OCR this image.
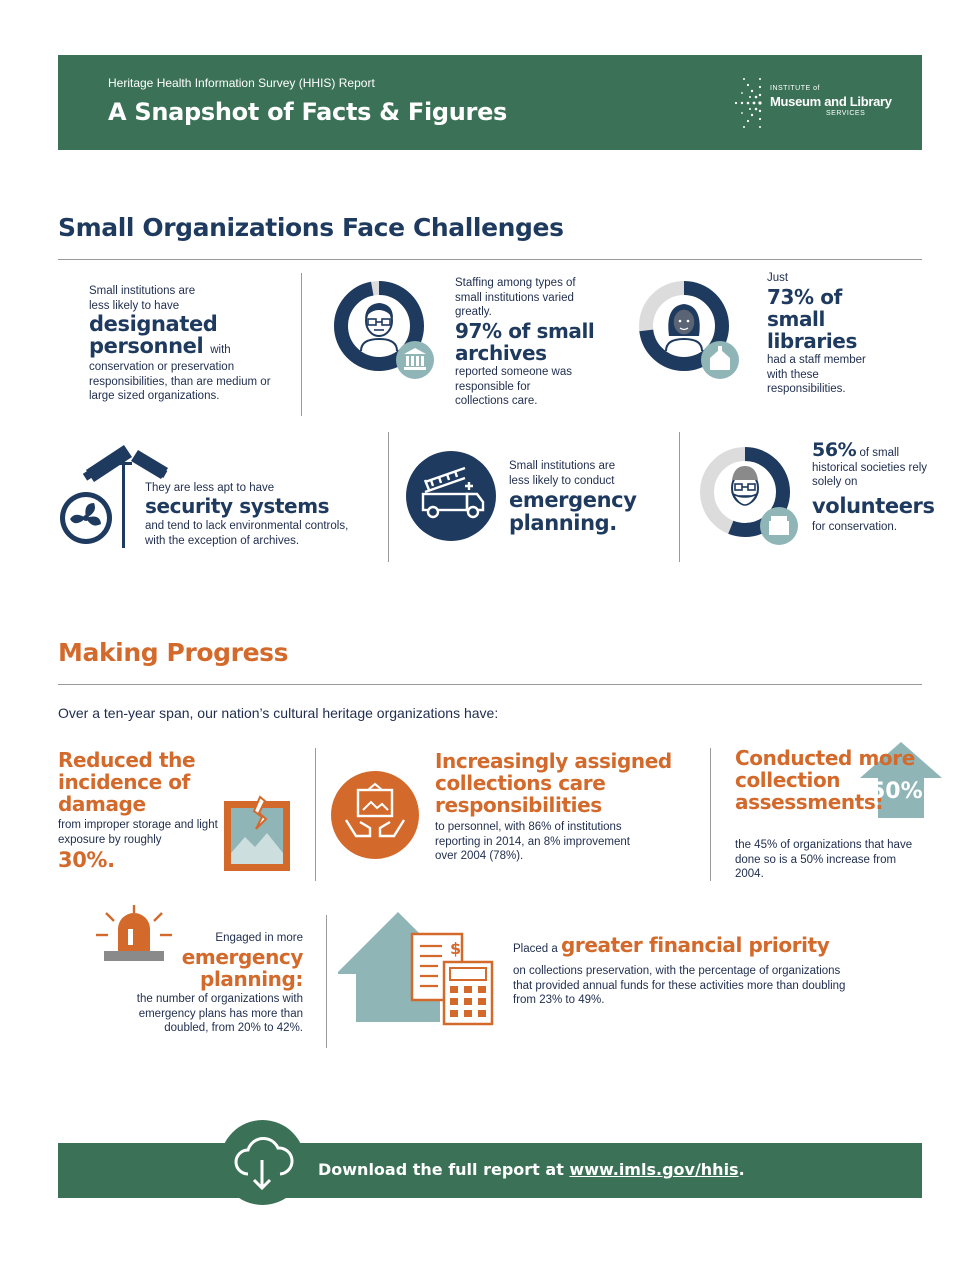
Heritage Health Information Survey (HHIS) Report
A Snapshot of Facts & Figures
INSTITUTE of
Museum and Library
SERVICES
Small Organizations Face Challenges
Small institutions are less likely to have
designated personnel with
conservation or preservation responsibilities, than are medium or large sized organizations.
Staffing among types of small institutions varied greatly.
97% of small archives
reported someone was responsible for collections care.
Just
73% of small libraries
had a staff member with these responsibilities.
They are less apt to have
security systems
and tend to lack environmental controls, with the exception of archives.
Small institutions are less likely to conduct
emergency planning.
56% of small historical societies rely solely on
volunteers
for conservation.
Making Progress
Over a ten-year span, our nation’s cultural heritage organizations have:
Reduced the incidence of damage
from improper storage and light exposure by roughly
30%.
Increasingly assigned collections care responsibilities
to personnel, with 86% of institutions reporting in 2014, an 8% improvement over 2004 (78%).
50%
Conducted more collection assessments:
the 45% of organizations that have done so is a 50% increase from 2004.
Engaged in more
emergency planning:
the number of organizations with emergency plans has more than doubled, from 20% to 42%.
$	Placed a greater financial priority
on collections preservation, with the percentage of organizations that provided annual funds for these activities more than doubling from 23% to 49%.
Download the full report at www.imls.gov/hhis.
